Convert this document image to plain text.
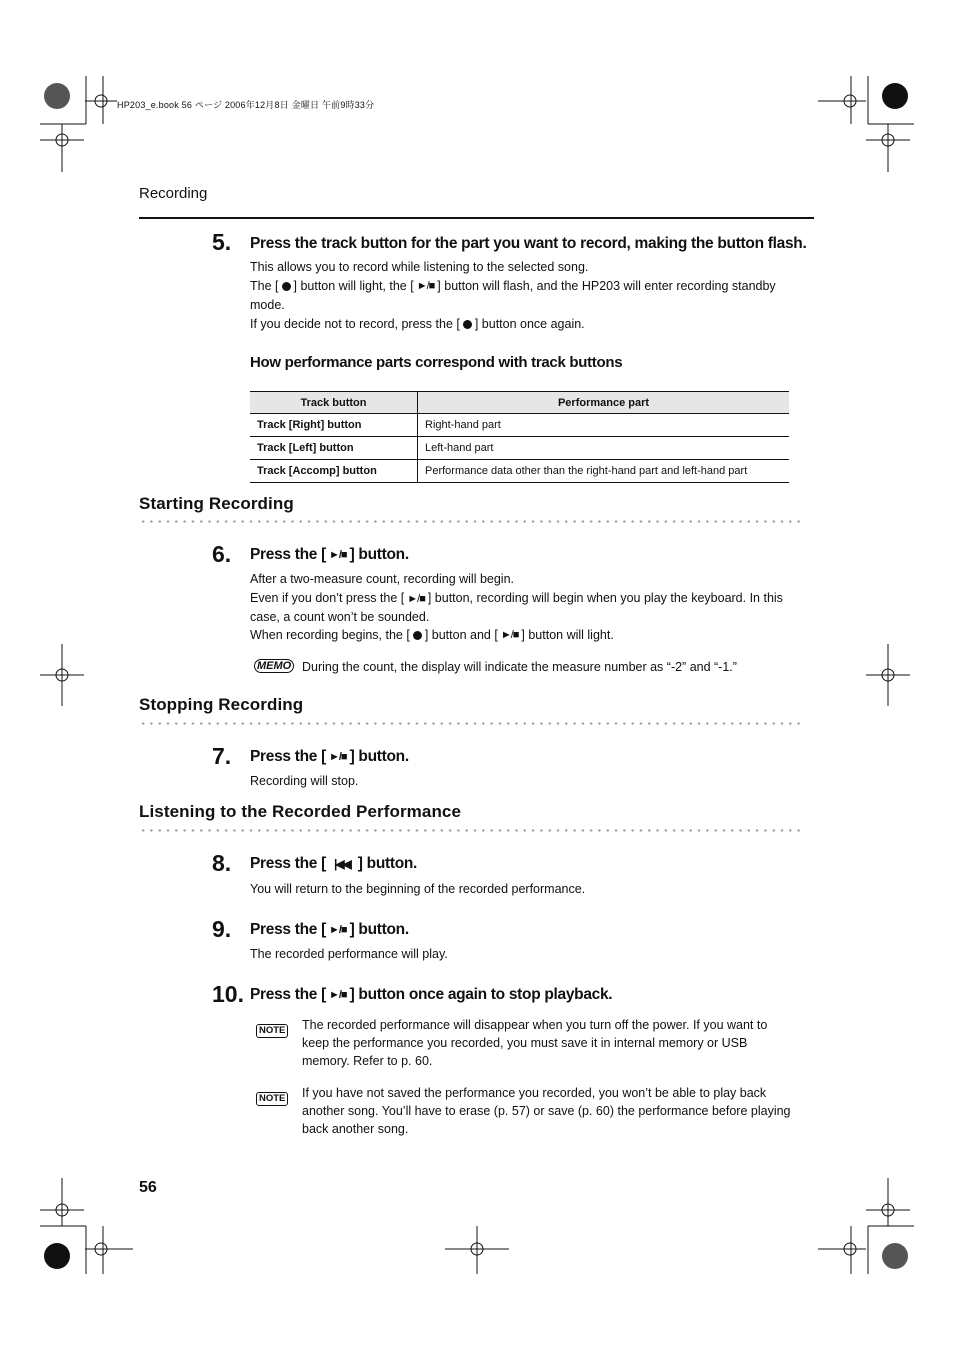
HP203_e.book 56 ページ 2006年12月8日 金曜日 午前9時33分
Recording
5. Press the track button for the part you want to record, making the button flash.

This allows you to record while listening to the selected song.

The [ ] button will light, the [ ►/■ ] button will flash, and the HP203 will enter recording standby mode.

If you decide not to record, press the [ ] button once again.

How performance parts correspond with track buttons
Track button	Performance part
Track [Right] button	Right-hand part
Track [Left] button	Left-hand part
Track [Accomp] button	Performance data other than the right-hand part and left-hand part
Starting Recording
6. Press the [ ►/■ ] button.

After a two-measure count, recording will begin.

Even if you don’t press the [ ►/■ ] button, recording will begin when you play the keyboard. In this case, a count won’t be sounded.

When recording begins, the [ ] button and [ ►/■ ] button will light.

MEMO During the count, the display will indicate the measure number as “-2” and “-1.”
Stopping Recording
7. Press the [ ►/■ ] button.
Recording will stop.
Listening to the Recorded Performance
8. Press the [ |◀◀ ] button.
You will return to the beginning of the recorded performance.
9. Press the [ ►/■ ] button.
The recorded performance will play.
10. Press the [ ►/■ ] button once again to stop playback.
NOTE The recorded performance will disappear when you turn off the power. If you want to keep the performance you recorded, you must save it in internal memory or USB memory. Refer to p. 60.
NOTE If you have not saved the performance you recorded, you won’t be able to play back another song. You’ll have to erase (p. 57) or save (p. 60) the performance before playing back another song.
56
